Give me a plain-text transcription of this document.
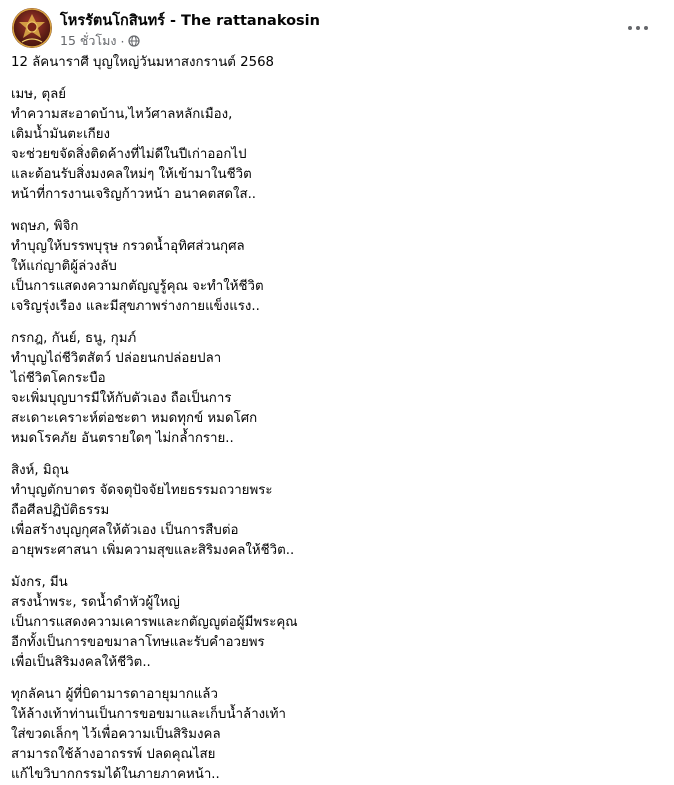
โหรรัตนโกสินทร์ - The rattanakosin
15 ชั่วโมง ·
12 ลัคนาราศี บุญใหญ่วันมหาสงกรานต์ 2568
เมษ, ตุลย์
ทำความสะอาดบ้าน,ไหว้ศาลหลักเมือง,
เติมน้ำมันตะเกียง
จะช่วยขจัดสิ่งติดค้างที่ไม่ดีในปีเก่าออกไป
และต้อนรับสิ่งมงคลใหม่ๆ ให้เข้ามาในชีวิต
หน้าที่การงานเจริญก้าวหน้า อนาคตสดใส..
พฤษภ, พิจิก
ทำบุญให้บรรพบุรุษ กรวดน้ำอุทิศส่วนกุศล
ให้แก่ญาติผู้ล่วงลับ
เป็นการแสดงความกตัญญูรู้คุณ จะทำให้ชีวิต
เจริญรุ่งเรือง และมีสุขภาพร่างกายแข็งแรง..
กรกฎ, กันย์, ธนู, กุมภ์
ทำบุญไถ่ชีวิตสัตว์ ปล่อยนกปล่อยปลา
ไถ่ชีวิตโคกระบือ
จะเพิ่มบุญบารมีให้กับตัวเอง ถือเป็นการ
สะเดาะเคราะห์ต่อชะตา หมดทุกข์ หมดโศก
หมดโรคภัย อันตรายใดๆ ไม่กล้ำกราย..
สิงห์, มิถุน
ทำบุญตักบาตร จัดจตุปัจจัยไทยธรรมถวายพระ
ถือศีลปฏิบัติธรรม
เพื่อสร้างบุญกุศลให้ตัวเอง เป็นการสืบต่อ
อายุพระศาสนา เพิ่มความสุขและสิริมงคลให้ชีวิต..
มังกร, มีน
สรงน้ำพระ, รดน้ำดำหัวผู้ใหญ่
เป็นการแสดงความเคารพและกตัญญูต่อผู้มีพระคุณ
อีกทั้งเป็นการขอขมาลาโทษและรับคำอวยพร
เพื่อเป็นสิริมงคลให้ชีวิต..
ทุกลัคนา ผู้ที่บิดามารดาอายุมากแล้ว
ให้ล้างเท้าท่านเป็นการขอขมาและเก็บน้ำล้างเท้า
ใส่ขวดเล็กๆ ไว้เพื่อความเป็นสิริมงคล
สามารถใช้ล้างอาถรรพ์ ปลดคุณไสย
แก้ไขวิบากกรรมได้ในภายภาคหน้า..
